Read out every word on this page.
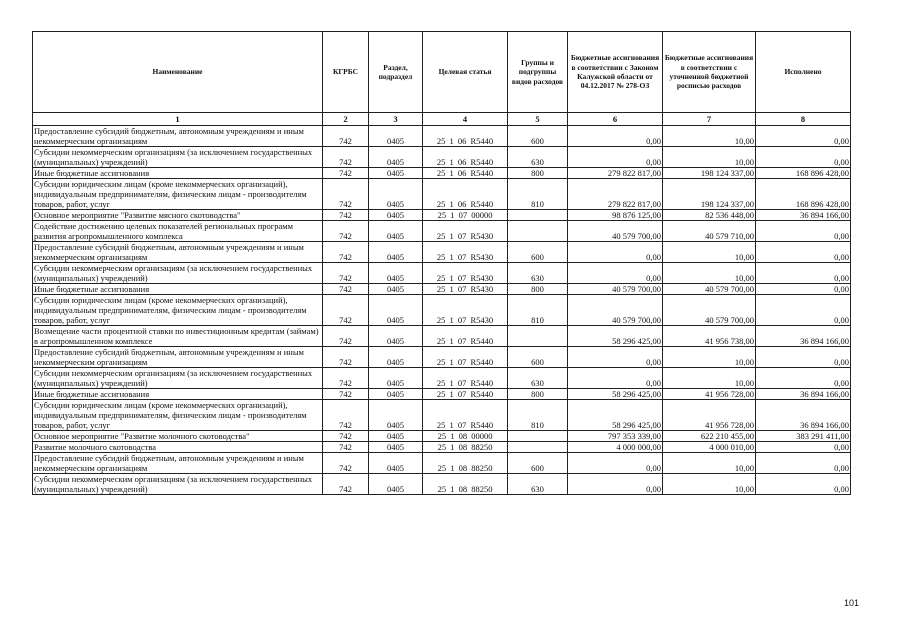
Наименование	КГРБС	Раздел, подраздел	Целевая статья	Группы и подгруппы видов расходов	Бюджетные ассигнования в соответствии с Законом Калужской области от 04.12.2017 № 278-ОЗ	Бюджетные ассигнования в соответствии с уточненной бюджетной росписью расходов	Исполнено
1	2	3	4	5	6	7	8
Предоставление субсидий бюджетным, автономным учреждениям и иным некоммерческим организациям	742	0405	25 1 06 R5440	600	0,00	10,00	0,00
Субсидии некоммерческим организациям (за исключением государственных (муниципальных) учреждений)	742	0405	25 1 06 R5440	630	0,00	10,00	0,00
Иные бюджетные ассигнования	742	0405	25 1 06 R5440	800	279 822 817,00	198 124 337,00	168 896 428,00
Субсидии юридическим лицам (кроме некоммерческих организаций), индивидуальным предпринимателям, физическим лицам - производителям товаров, работ, услуг	742	0405	25 1 06 R5440	810	279 822 817,00	198 124 337,00	168 896 428,00
Основное мероприятие "Развитие мясного скотоводства"	742	0405	25 1 07 00000		98 876 125,00	82 536 448,00	36 894 166,00
Содействие достижению целевых показателей региональных программ развития агропромышленного комплекса	742	0405	25 1 07 R5430		40 579 700,00	40 579 710,00	0,00
Предоставление субсидий бюджетным, автономным учреждениям и иным некоммерческим организациям	742	0405	25 1 07 R5430	600	0,00	10,00	0,00
Субсидии некоммерческим организациям (за исключением государственных (муниципальных) учреждений)	742	0405	25 1 07 R5430	630	0,00	10,00	0,00
Иные бюджетные ассигнования	742	0405	25 1 07 R5430	800	40 579 700,00	40 579 700,00	0,00
Субсидии юридическим лицам (кроме некоммерческих организаций), индивидуальным предпринимателям, физическим лицам - производителям товаров, работ, услуг	742	0405	25 1 07 R5430	810	40 579 700,00	40 579 700,00	0,00
Возмещение части процентной ставки по инвестиционным кредитам (займам) в агропромышленном комплексе	742	0405	25 1 07 R5440		58 296 425,00	41 956 738,00	36 894 166,00
Предоставление субсидий бюджетным, автономным учреждениям и иным некоммерческим организациям	742	0405	25 1 07 R5440	600	0,00	10,00	0,00
Субсидии некоммерческим организациям (за исключением государственных (муниципальных) учреждений)	742	0405	25 1 07 R5440	630	0,00	10,00	0,00
Иные бюджетные ассигнования	742	0405	25 1 07 R5440	800	58 296 425,00	41 956 728,00	36 894 166,00
Субсидии юридическим лицам (кроме некоммерческих организаций), индивидуальным предпринимателям, физическим лицам - производителям товаров, работ, услуг	742	0405	25 1 07 R5440	810	58 296 425,00	41 956 728,00	36 894 166,00
Основное мероприятие "Развитие молочного скотоводства"	742	0405	25 1 08 00000		797 353 339,00	622 210 455,00	383 291 411,00
Развитие молочного скотоводства	742	0405	25 1 08 88250		4 000 000,00	4 000 010,00	0,00
Предоставление субсидий бюджетным, автономным учреждениям и иным некоммерческим организациям	742	0405	25 1 08 88250	600	0,00	10,00	0,00
Субсидии некоммерческим организациям (за исключением государственных (муниципальных) учреждений)	742	0405	25 1 08 88250	630	0,00	10,00	0,00
101
